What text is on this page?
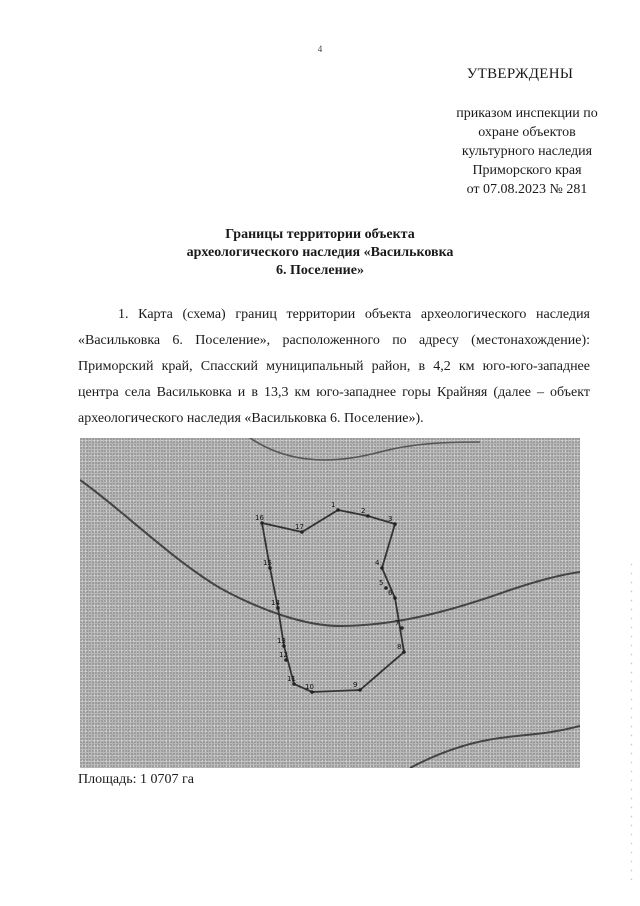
4
УТВЕРЖДЕНЫ
приказом инспекции по
охране объектов
культурного наследия
Приморского края
от 07.08.2023 № 281
Границы территории объекта
археологического наследия «Васильковка
6. Поселение»
1. Карта (схема) границ территории объекта археологического наследия «Васильковка 6. Поселение», расположенного по адресу (местонахождение): Приморский край, Спасский муниципальный район, в 4,2 км юго-юго-западнее центра села Васильковка и в 13,3 км юго-западнее горы Крайняя (далее – объект археологического наследия «Васильковка 6. Поселение»).
1
2
3
4
5
6
7
8
9
10
11
12
13
14
15
16
17
Площадь: 1 0707 га
